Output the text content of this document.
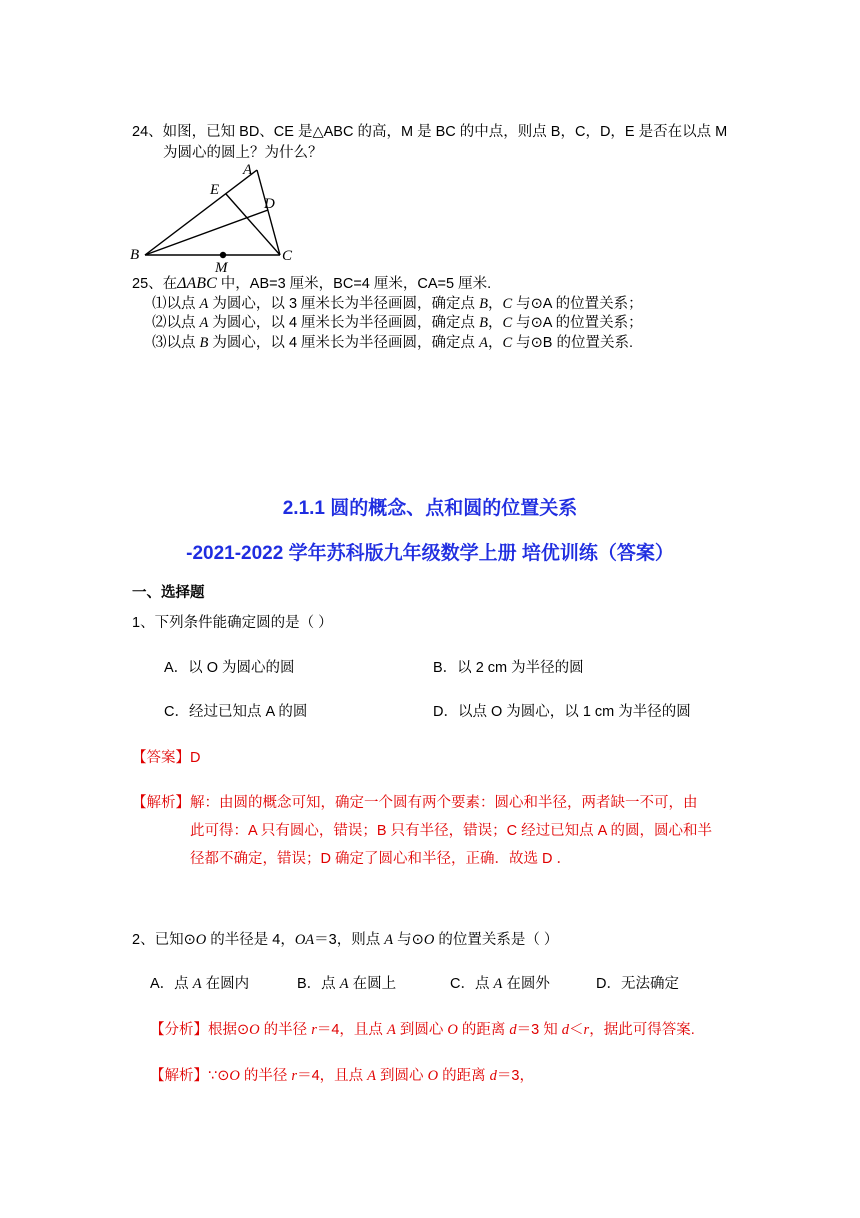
24、如图，已知 BD、CE 是△ABC 的高，M 是 BC 的中点，则点 B，C，D，E 是否在以点 M
为圆心的圆上？为什么？
A
B	C
D
E
M
25、在ΔABC 中，AB=3 厘米，BC=4 厘米，CA=5 厘米.
⑴以点 A 为圆心，以 3 厘米长为半径画圆，确定点 B，C 与⊙A 的位置关系；
⑵以点 A 为圆心，以 4 厘米长为半径画圆，确定点 B，C 与⊙A 的位置关系；
⑶以点 B 为圆心，以 4 厘米长为半径画圆，确定点 A，C 与⊙B 的位置关系.
2.1.1 圆的概念、点和圆的位置关系
-2021-2022 学年苏科版九年级数学上册 培优训练（答案）
一、选择题
1、下列条件能确定圆的是（ ）
A．以 O 为圆心的圆	B．以 2 cm 为半径的圆
C．经过已知点 A 的圆	D．以点 O 为圆心，以 1 cm 为半径的圆
【答案】D
【解析】 解：由圆的概念可知，确定一个圆有两个要素：圆心和半径，两者缺一不可，由
此可得：A 只有圆心，错误；B 只有半径，错误；C 经过已知点 A 的圆，圆心和半
径都不确定，错误；D 确定了圆心和半径，正确．故选 D ．
2、已知⊙O 的半径是 4，OA＝3，则点 A 与⊙O 的位置关系是（ ）
A．点 A 在圆内	B．点 A 在圆上	C．点 A 在圆外	D．无法确定
【分析】根据⊙O 的半径 r＝4，且点 A 到圆心 O 的距离 d＝3 知 d＜r，据此可得答案.
【解析】∵⊙O 的半径 r＝4，且点 A 到圆心 O 的距离 d＝3，
